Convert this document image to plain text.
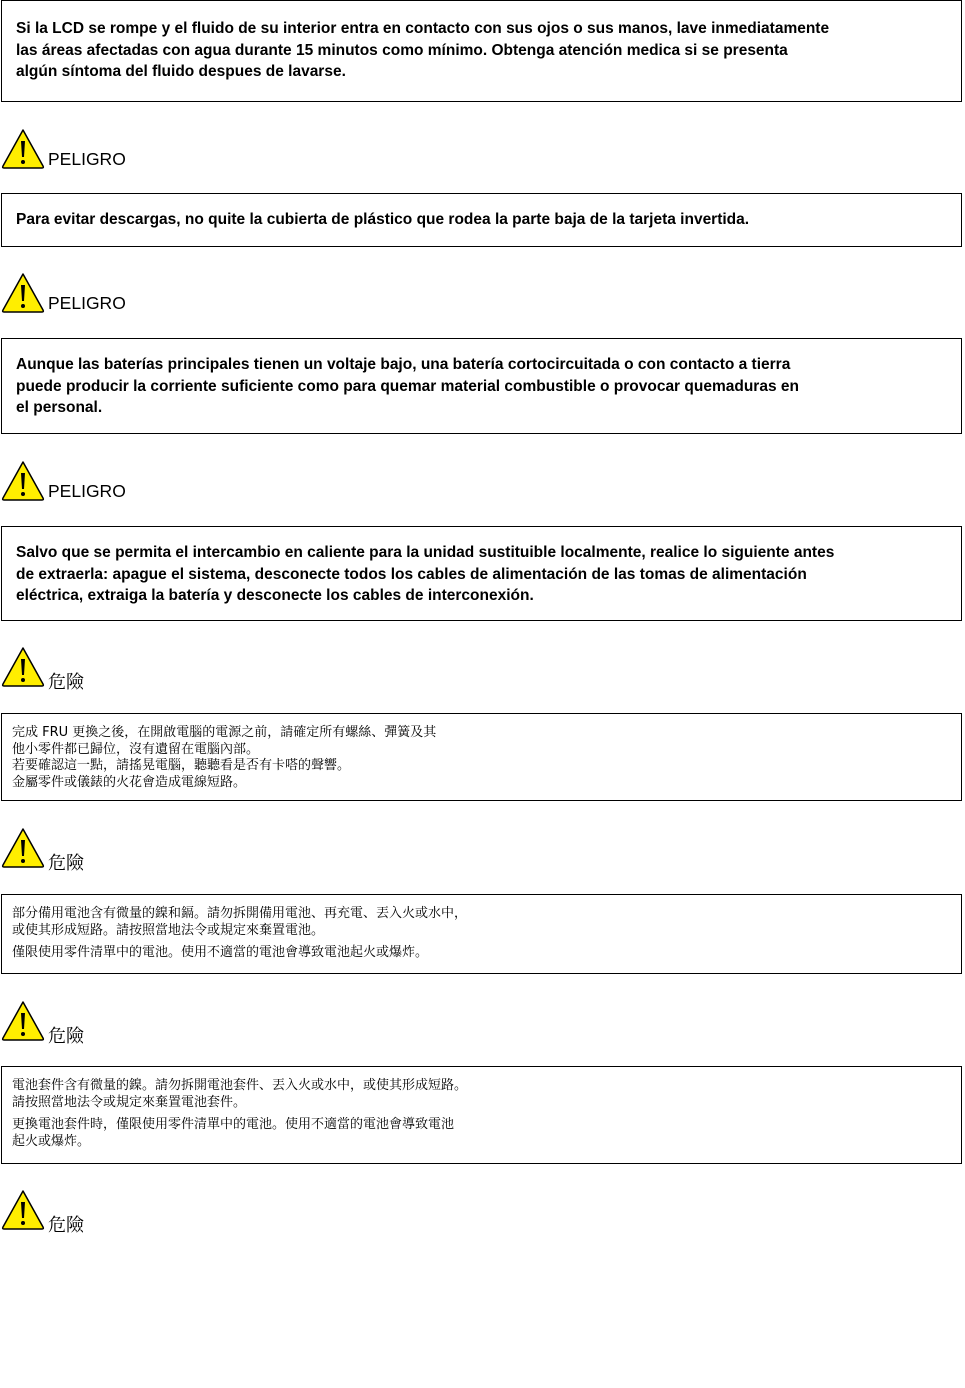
Si la LCD se rompe y el fluido de su interior entra en contacto con sus ojos o sus manos, lave inmediatamente

las áreas afectadas con agua durante 15 minutos como mínimo. Obtenga atención medica si se presenta

algún síntoma del fluido despues de lavarse.

PELIGRO

Para evitar descargas, no quite la cubierta de plástico que rodea la parte baja de la tarjeta invertida.

PELIGRO

Aunque las baterías principales tienen un voltaje bajo, una batería cortocircuitada o con contacto a tierra

puede producir la corriente suficiente como para quemar material combustible o provocar quemaduras en

el personal.

PELIGRO

Salvo que se permita el intercambio en caliente para la unidad sustituible localmente, realice lo siguiente antes

de extraerla: apague el sistema, desconecte todos los cables de alimentación de las tomas de alimentación

eléctrica, extraiga la batería y desconecte los cables de interconexión.

危險

完成 FRU 更換之後，在開啟電腦的電源之前，請確定所有螺絲、彈簧及其

他小零件都已歸位，沒有遺留在電腦內部。

若要確認這一點，請搖晃電腦，聽聽看是否有卡嗒的聲響。

金屬零件或儀錶的火花會造成電線短路。

危險

部分備用電池含有微量的鎳和鎘。請勿拆開備用電池、再充電、丟入火或水中，

或使其形成短路。請按照當地法令或規定來棄置電池。

僅限使用零件清單中的電池。使用不適當的電池會導致電池起火或爆炸。

危險

電池套件含有微量的鎳。請勿拆開電池套件、丟入火或水中，或使其形成短路。

請按照當地法令或規定來棄置電池套件。

更換電池套件時，僅限使用零件清單中的電池。使用不適當的電池會導致電池

起火或爆炸。

危險
